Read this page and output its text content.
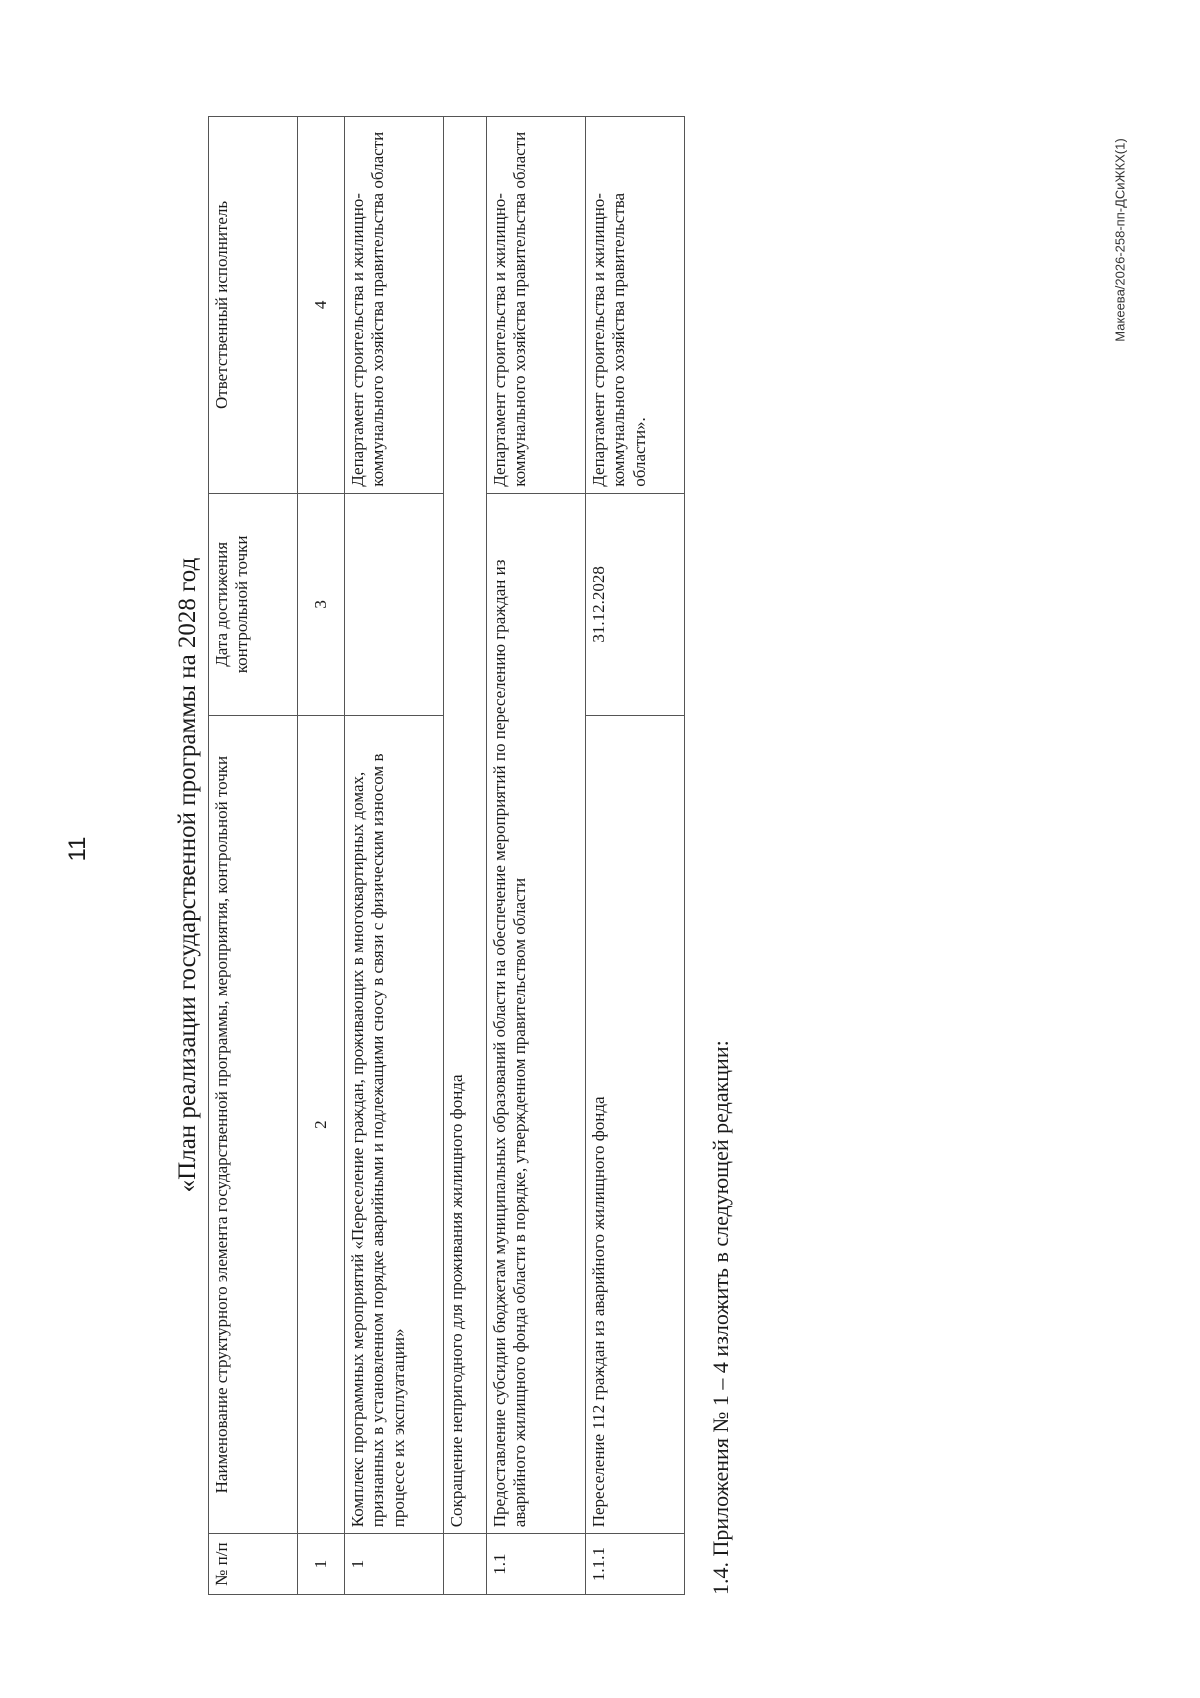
11
Макеева/2026-258-пп-ДСиЖКХ(1)
«План реализации государственной программы на 2028 год
№ п/п	Наименование структурного элемента государственной программы, мероприятия, контрольной точки	Дата достижения контрольной точки	Ответственный исполнитель
1	2	3	4
1	Комплекс программных мероприятий «Переселение граждан, проживающих в многоквартирных домах, признанных в установленном порядке аварийными и подлежащими сносу в связи с физическим износом в процессе их эксплуатации»		Департамент строительства и жилищно-коммунального хозяйства правительства области
	Сокращение непригодного для проживания жилищного фонда		
1.1	Предоставление субсидии бюджетам муниципальных образований области на обеспечение мероприятий по переселению граждан из аварийного жилищного фонда области в порядке, утвержденном правительством области		Департамент строительства и жилищно-коммунального хозяйства правительства области
1.1.1	Переселение 112 граждан из аварийного жилищного фонда	31.12.2028	Департамент строительства и жилищно-коммунального хозяйства правительства области».
1.4. Приложения № 1 – 4 изложить в следующей редакции:
